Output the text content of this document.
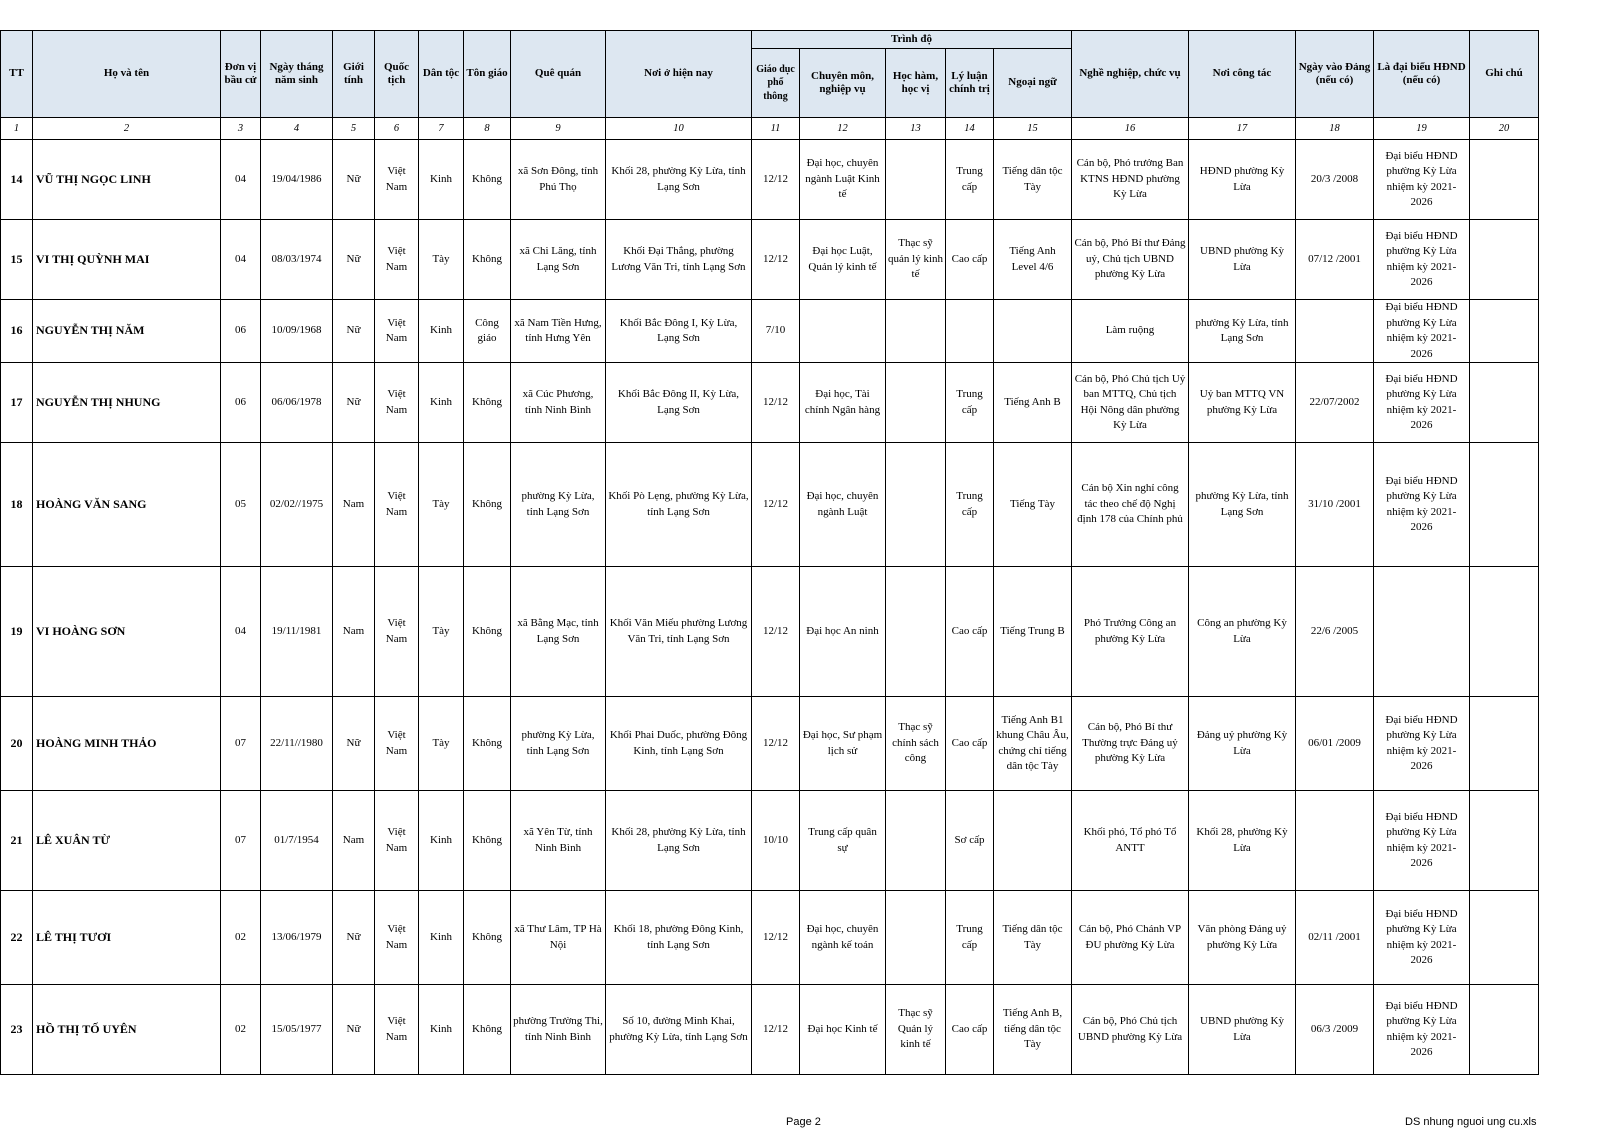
TT	Họ và tên	Đơn vị bầu cử	Ngày tháng năm sinh	Giới tính	Quốc tịch	Dân tộc	Tôn giáo	Quê quán	Nơi ở hiện nay	Trình độ					Nghề nghiệp, chức vụ	Nơi công tác	Ngày vào Đảng (nếu có)	Là đại biểu HĐND (nếu có)	Ghi chú
										Giáo dục phổ thông	Chuyên môn, nghiệp vụ	Học hàm, học vị	Lý luận chính trị	Ngoại ngữ					
1	2	3	4	5	6	7	8	9	10	11	12	13	14	15	16	17	18	19	20
14	VŨ THỊ NGỌC LINH	04	19/04/1986	Nữ	Việt Nam	Kinh	Không	xã Sơn Đông, tỉnh Phú Thọ	Khối 28, phường Kỳ Lừa, tỉnh Lạng Sơn	12/12	Đại học, chuyên ngành Luật Kinh tế		Trung cấp	Tiếng dân tộc Tày	Cán bộ, Phó trưởng Ban KTNS HĐND phường Kỳ Lừa	HĐND phường Kỳ Lừa	20/3 /2008	Đại biểu HĐND phường Kỳ Lừa nhiệm kỳ 2021-2026	
15	VI THỊ QUỲNH MAI	04	08/03/1974	Nữ	Việt Nam	Tày	Không	xã Chi Lăng, tỉnh Lạng Sơn	Khối Đại Thắng, phường Lương Văn Tri, tỉnh Lạng Sơn	12/12	Đại học Luật, Quản lý kinh tế	Thạc sỹ quản lý kinh tế	Cao cấp	Tiếng Anh Level 4/6	Cán bộ, Phó Bí thư Đảng uỷ, Chủ tịch UBND phường Kỳ Lừa	UBND phường Kỳ Lừa	07/12 /2001	Đại biểu HĐND phường Kỳ Lừa nhiệm kỳ 2021-2026	
16	NGUYỄN THỊ NĂM	06	10/09/1968	Nữ	Việt Nam	Kinh	Công giáo	xã Nam Tiền Hưng, tỉnh Hưng Yên	Khối Bắc Đông I, Kỳ Lừa, Lạng Sơn	7/10					Làm ruộng	phường Kỳ Lừa, tỉnh Lạng Sơn		Đại biểu HĐND phường Kỳ Lừa nhiệm kỳ 2021-2026	
17	NGUYỄN THỊ NHUNG	06	06/06/1978	Nữ	Việt Nam	Kinh	Không	xã Cúc Phương, tỉnh Ninh Bình	Khối Bắc Đông II, Kỳ Lừa, Lạng Sơn	12/12	Đại học, Tài chính Ngân hàng		Trung cấp	Tiếng Anh B	Cán bộ, Phó Chủ tịch Uỷ ban MTTQ, Chủ tịch Hội Nông dân phường Kỳ Lừa	Uỷ ban MTTQ VN phường Kỳ Lừa	22/07/2002	Đại biểu HĐND phường Kỳ Lừa nhiệm kỳ 2021-2026	
18	HOÀNG VĂN SANG	05	02/02//1975	Nam	Việt Nam	Tày	Không	phường Kỳ Lừa, tỉnh Lạng Sơn	Khối Pò Lẹng, phường Kỳ Lừa, tỉnh Lạng Sơn	12/12	Đại học, chuyên ngành Luật		Trung cấp	Tiếng Tày	Cán bộ Xin nghỉ công tác theo chế độ Nghị định 178 của Chính phủ	phường Kỳ Lừa, tỉnh Lạng Sơn	31/10 /2001	Đại biểu HĐND phường Kỳ Lừa nhiệm kỳ 2021-2026	
19	VI HOÀNG SƠN	04	19/11/1981	Nam	Việt Nam	Tày	Không	xã Bằng Mạc, tỉnh Lạng Sơn	Khối Văn Miếu phường Lương Văn Tri, tỉnh Lạng Sơn	12/12	Đại học An ninh		Cao cấp	Tiếng Trung B	Phó Trưởng Công an phường Kỳ Lừa	Công an phường Kỳ Lừa	22/6 /2005		
20	HOÀNG MINH THẢO	07	22/11//1980	Nữ	Việt Nam	Tày	Không	phường Kỳ Lừa, tỉnh Lạng Sơn	Khối Phai Duốc, phường Đông Kinh, tỉnh Lạng Sơn	12/12	Đại học, Sư phạm lịch sử	Thạc sỹ chính sách công	Cao cấp	Tiếng Anh B1 khung Châu Âu, chứng chỉ tiếng dân tộc Tày	Cán bộ, Phó Bí thư Thường trực Đảng uỷ phường Kỳ Lừa	Đảng uỷ phường Kỳ Lừa	06/01 /2009	Đại biểu HĐND phường Kỳ Lừa nhiệm kỳ 2021-2026	
21	LÊ XUÂN TỪ	07	01/7/1954	Nam	Việt Nam	Kinh	Không	xã Yên Từ, tỉnh Ninh Bình	Khối 28, phường Kỳ Lừa, tỉnh Lạng Sơn	10/10	Trung cấp quân sự		Sơ cấp		Khối phó, Tổ phó Tổ ANTT	Khối 28, phường Kỳ Lừa		Đại biểu HĐND phường Kỳ Lừa nhiệm kỳ 2021-2026	
22	LÊ THỊ TƯƠI	02	13/06/1979	Nữ	Việt Nam	Kinh	Không	xã Thư Lâm, TP Hà Nội	Khối 18, phường Đông Kinh, tỉnh Lạng Sơn	12/12	Đại học, chuyên ngành kế toán		Trung cấp	Tiếng dân tộc Tày	Cán bộ, Phó Chánh VP ĐU phường Kỳ Lừa	Văn phòng Đảng uỷ phường Kỳ Lừa	02/11 /2001	Đại biểu HĐND phường Kỳ Lừa nhiệm kỳ 2021-2026	
23	HỒ THỊ TỐ UYÊN	02	15/05/1977	Nữ	Việt Nam	Kinh	Không	phường Trường Thi, tỉnh Ninh Bình	Số 10, đường Minh Khai, phường Kỳ Lừa, tỉnh Lạng Sơn	12/12	Đại học Kinh tế	Thạc sỹ Quản lý kinh tế	Cao cấp	Tiếng Anh B, tiếng dân tộc Tày	Cán bộ, Phó Chủ tịch UBND phường Kỳ Lừa	UBND phường Kỳ Lừa	06/3 /2009	Đại biểu HĐND phường Kỳ Lừa nhiệm kỳ 2021-2026	
Page 2	DS nhung nguoi ung cu.xls
